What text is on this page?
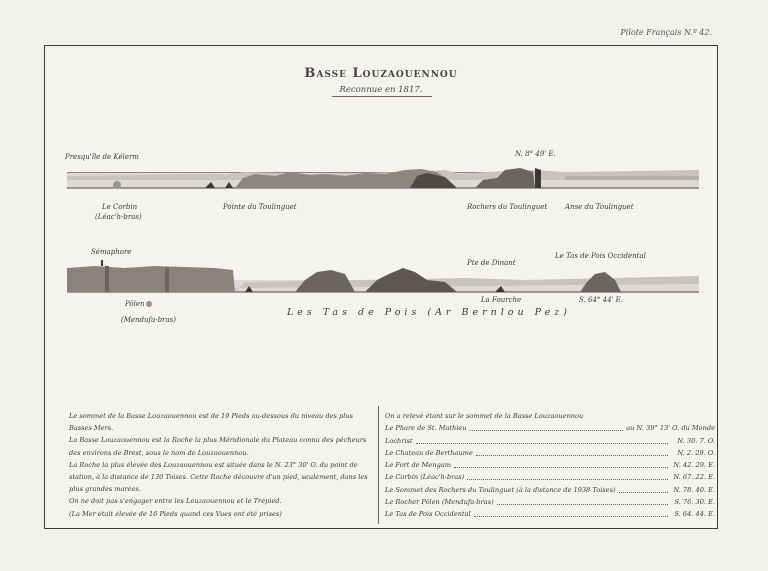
Pilote Français N.º 42.
Basse Louzaouennou
Reconnue en 1817.
Presqu'île de Kélerm	N. 8° 49' E.
Le Corbin
(Léac'h-bras)
Pointe du Toulinguet	Rochers du Toulinguet	Anse du Toulinguet
Sémaphore
Pte de Dinant
Le Tas de Pois Occidental
Pôlen
(Mendufa-bras)
La Fourche	S. 64° 44' E.
Les Tas de Pois (Ar Bernlou Pez)

Le sommet de la Basse Louzaouennou est de 19 Pieds au-dessous du niveau des plus Basses Mers.

La Basse Louzaouennou est la Roche la plus Méridionale du Plateau connu des pêcheurs des environs de Brest, sous le nom de Louzaouennou.

La Roche la plus élevée des Louzaouennou est située dans le N. 23° 30' O. du point de station, à la distance de 130 Toises. Cette Roche découvre d'un pied, seulement, dans les plus grandes marées.

On ne doit pas s'engager entre les Louzaouennou et le Trépied.

(La Mer était élevée de 16 Pieds quand ces Vues ont été prises)

On a relevé étant sur le sommet de la Basse Louzaouennou
Le Phare de St. Mathieu	au N. 39° 13' O. du Monde
Lochrist	N. 30. 7. O.
Le Chateau de Berthaume	N. 2. 29. O.
Le Fort de Mengam	N. 42. 29. E.
Le Corbin (Léac'h-bras)	N. 67. 22. E.
Le Sommet des Rochers du Toulinguet (à la distance de 1938 Toises)	N. 78. 40. E.
Le Rocher Pôlen (Mendufa-bras)	S. 76. 30. E.
Le Tas de Pois Occidental	S. 64. 44. E.
